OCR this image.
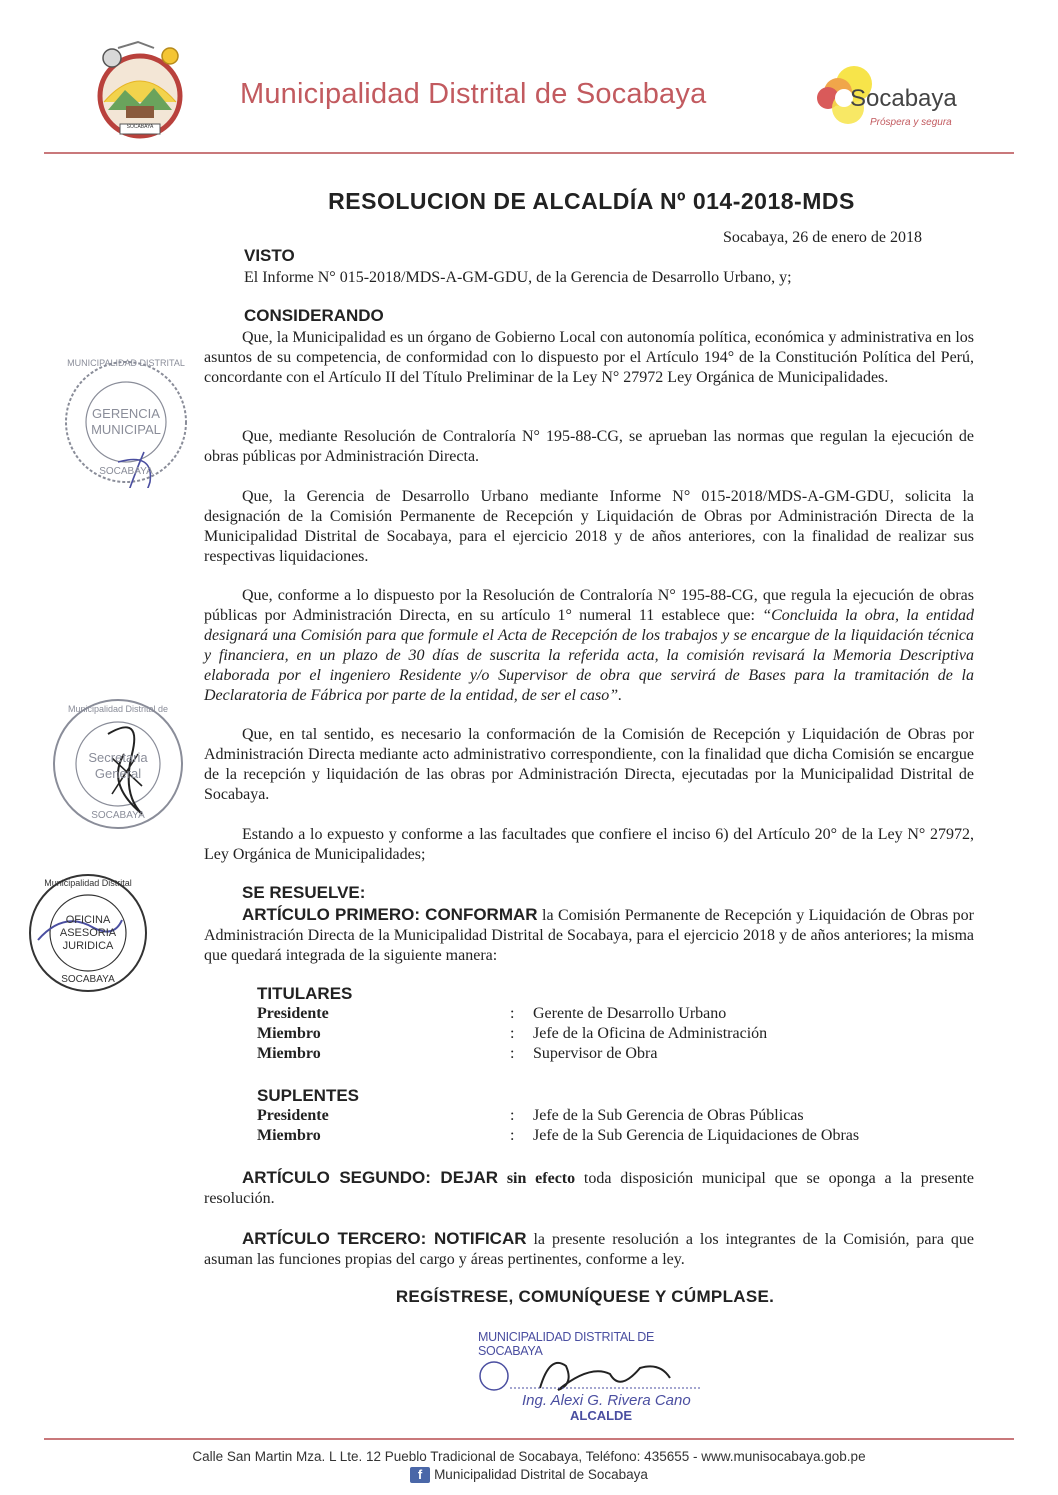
SOCABAYA
Municipalidad Distrital de Socabaya	Socabaya
Próspera y segura
RESOLUCION DE ALCALDÍA Nº 014-2018-MDS
Socabaya, 26 de enero de 2018
VISTO
El Informe N° 015-2018/MDS-A-GM-GDU, de la Gerencia de Desarrollo Urbano, y;
CONSIDERANDO
Que, la Municipalidad es un órgano de Gobierno Local con autonomía política, económica y administrativa en los asuntos de su competencia, de conformidad con lo dispuesto por el Artículo 194° de la Constitución Política del Perú, concordante con el Artículo II del Título Preliminar de la Ley N° 27972 Ley Orgánica de Municipalidades.
Que, mediante Resolución de Contraloría N° 195-88-CG, se aprueban las normas que regulan la ejecución de obras públicas por Administración Directa.
Que, la Gerencia de Desarrollo Urbano mediante Informe N° 015-2018/MDS-A-GM-GDU, solicita la designación de la Comisión Permanente de Recepción y Liquidación de Obras por Administración Directa de la Municipalidad Distrital de Socabaya, para el ejercicio 2018 y de años anteriores, con la finalidad de realizar sus respectivas liquidaciones.
Que, conforme a lo dispuesto por la Resolución de Contraloría N° 195-88-CG, que regula la ejecución de obras públicas por Administración Directa, en su artículo 1° numeral 11 establece que: “Concluida la obra, la entidad designará una Comisión para que formule el Acta de Recepción de los trabajos y se encargue de la liquidación técnica y financiera, en un plazo de 30 días de suscrita la referida acta, la comisión revisará la Memoria Descriptiva elaborada por el ingeniero Residente y/o Supervisor de obra que servirá de Bases para la tramitación de la Declaratoria de Fábrica por parte de la entidad, de ser el caso”.
Que, en tal sentido, es necesario la conformación de la Comisión de Recepción y Liquidación de Obras por Administración Directa mediante acto administrativo correspondiente, con la finalidad que dicha Comisión se encargue de la recepción y liquidación de las obras por Administración Directa, ejecutadas por la Municipalidad Distrital de Socabaya.
Estando a lo expuesto y conforme a las facultades que confiere el inciso 6) del Artículo 20° de la Ley N° 27972, Ley Orgánica de Municipalidades;
SE RESUELVE:
ARTÍCULO PRIMERO: CONFORMAR la Comisión Permanente de Recepción y Liquidación de Obras por Administración Directa de la Municipalidad Distrital de Socabaya, para el ejercicio 2018 y de años anteriores; la misma que quedará integrada de la siguiente manera:
TITULARES
Presidente	: Gerente de Desarrollo Urbano
Miembro	: Jefe de la Oficina de Administración
Miembro	: Supervisor de Obra
SUPLENTES
Presidente	: Jefe de la Sub Gerencia de Obras Públicas
Miembro	: Jefe de la Sub Gerencia de Liquidaciones de Obras
ARTÍCULO SEGUNDO: DEJAR sin efecto toda disposición municipal que se oponga a la presente resolución.
ARTÍCULO TERCERO: NOTIFICAR la presente resolución a los integrantes de la Comisión, para que asuman las funciones propias del cargo y áreas pertinentes, conforme a ley.
REGÍSTRESE, COMUNÍQUESE Y CÚMPLASE.
MUNICIPALIDAD DISTRITAL
GERENCIA
MUNICIPAL
SOCABAYA
Municipalidad Distrital de
Secretaria
General
SOCABAYA
Municipalidad Distrital
OFICINA
ASESORIA
JURIDICA
SOCABAYA
MUNICIPALIDAD DISTRITAL DE SOCABAYA
Ing. Alexi G. Rivera Cano
ALCALDE
Calle San Martin Mza. L Lte. 12 Pueblo Tradicional de Socabaya, Teléfono: 435655 - www.munisocabaya.gob.pe
f Municipalidad Distrital de Socabaya
